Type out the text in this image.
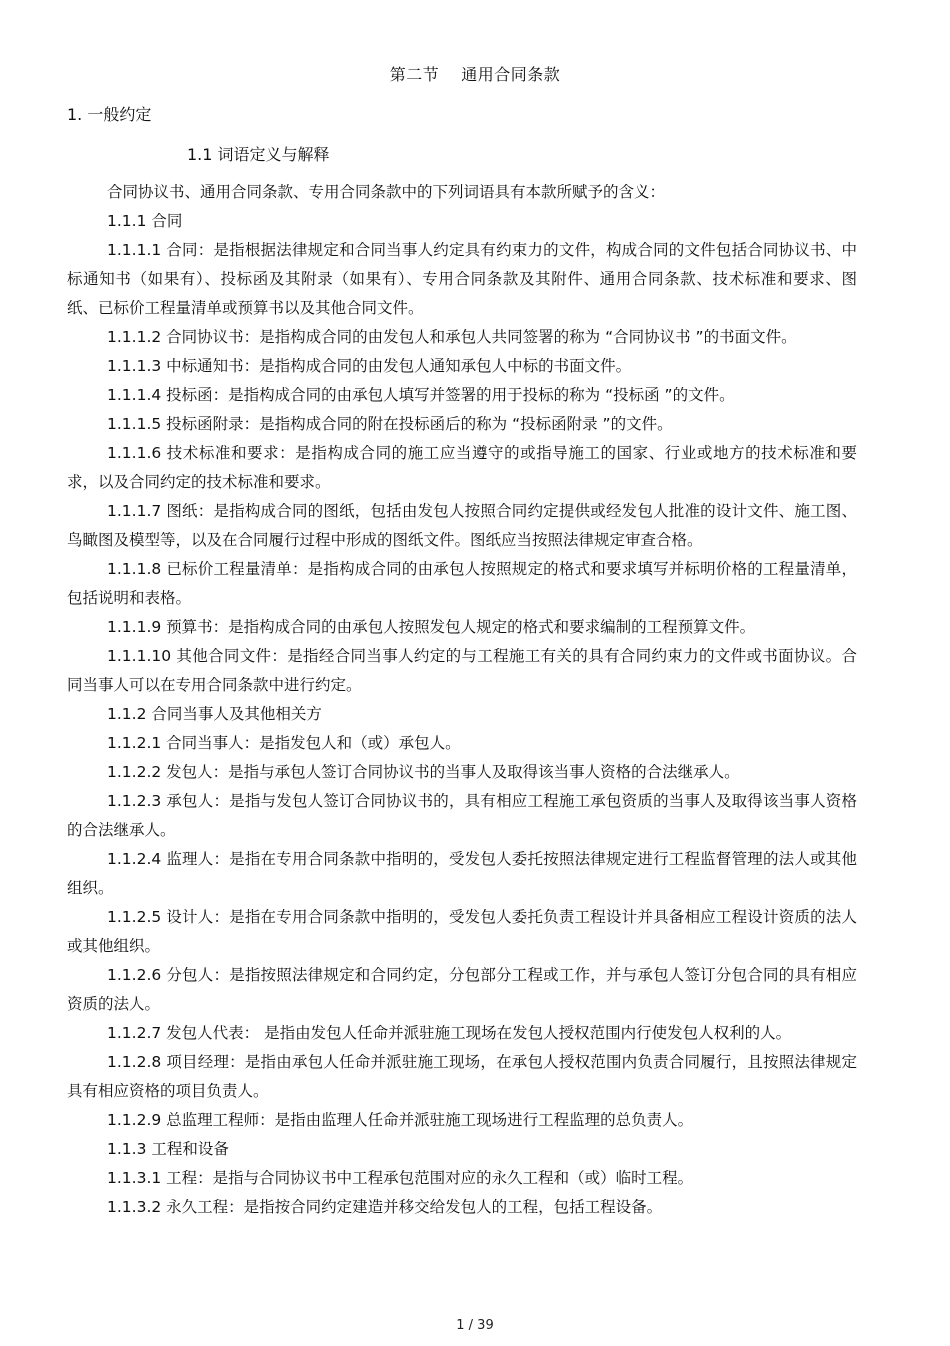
第二节 通用合同条款
1. 一般约定
1.1 词语定义与解释

合同协议书、通用合同条款、专用合同条款中的下列词语具有本款所赋予的含义：

1.1.1 合同

1.1.1.1 合同：是指根据法律规定和合同当事人约定具有约束力的文件，构成合同的文件包括合同协议书、中标通知书（如果有）、投标函及其附录（如果有）、专用合同条款及其附件、通用合同条款、技术标准和要求、图纸、已标价工程量清单或预算书以及其他合同文件。

1.1.1.2 合同协议书：是指构成合同的由发包人和承包人共同签署的称为 “合同协议书 ”的书面文件。

1.1.1.3 中标通知书：是指构成合同的由发包人通知承包人中标的书面文件。

1.1.1.4 投标函：是指构成合同的由承包人填写并签署的用于投标的称为 “投标函 ”的文件。

1.1.1.5 投标函附录：是指构成合同的附在投标函后的称为 “投标函附录 ”的文件。

1.1.1.6 技术标准和要求：是指构成合同的施工应当遵守的或指导施工的国家、行业或地方的技术标准和要求，以及合同约定的技术标准和要求。

1.1.1.7 图纸：是指构成合同的图纸，包括由发包人按照合同约定提供或经发包人批准的设计文件、施工图、鸟瞰图及模型等，以及在合同履行过程中形成的图纸文件。图纸应当按照法律规定审查合格。

1.1.1.8 已标价工程量清单：是指构成合同的由承包人按照规定的格式和要求填写并标明价格的工程量清单，包括说明和表格。

1.1.1.9 预算书：是指构成合同的由承包人按照发包人规定的格式和要求编制的工程预算文件。

1.1.1.10 其他合同文件：是指经合同当事人约定的与工程施工有关的具有合同约束力的文件或书面协议。合同当事人可以在专用合同条款中进行约定。

1.1.2 合同当事人及其他相关方

1.1.2.1 合同当事人：是指发包人和（或）承包人。

1.1.2.2 发包人：是指与承包人签订合同协议书的当事人及取得该当事人资格的合法继承人。

1.1.2.3 承包人：是指与发包人签订合同协议书的，具有相应工程施工承包资质的当事人及取得该当事人资格的合法继承人。

1.1.2.4 监理人：是指在专用合同条款中指明的，受发包人委托按照法律规定进行工程监督管理的法人或其他组织。

1.1.2.5 设计人：是指在专用合同条款中指明的，受发包人委托负责工程设计并具备相应工程设计资质的法人或其他组织。

1.1.2.6 分包人：是指按照法律规定和合同约定，分包部分工程或工作，并与承包人签订分包合同的具有相应资质的法人。

1.1.2.7 发包人代表： 是指由发包人任命并派驻施工现场在发包人授权范围内行使发包人权利的人。

1.1.2.8 项目经理：是指由承包人任命并派驻施工现场，在承包人授权范围内负责合同履行，且按照法律规定具有相应资格的项目负责人。

1.1.2.9 总监理工程师：是指由监理人任命并派驻施工现场进行工程监理的总负责人。

1.1.3 工程和设备

1.1.3.1 工程：是指与合同协议书中工程承包范围对应的永久工程和（或）临时工程。

1.1.3.2 永久工程：是指按合同约定建造并移交给发包人的工程，包括工程设备。

1 / 39
